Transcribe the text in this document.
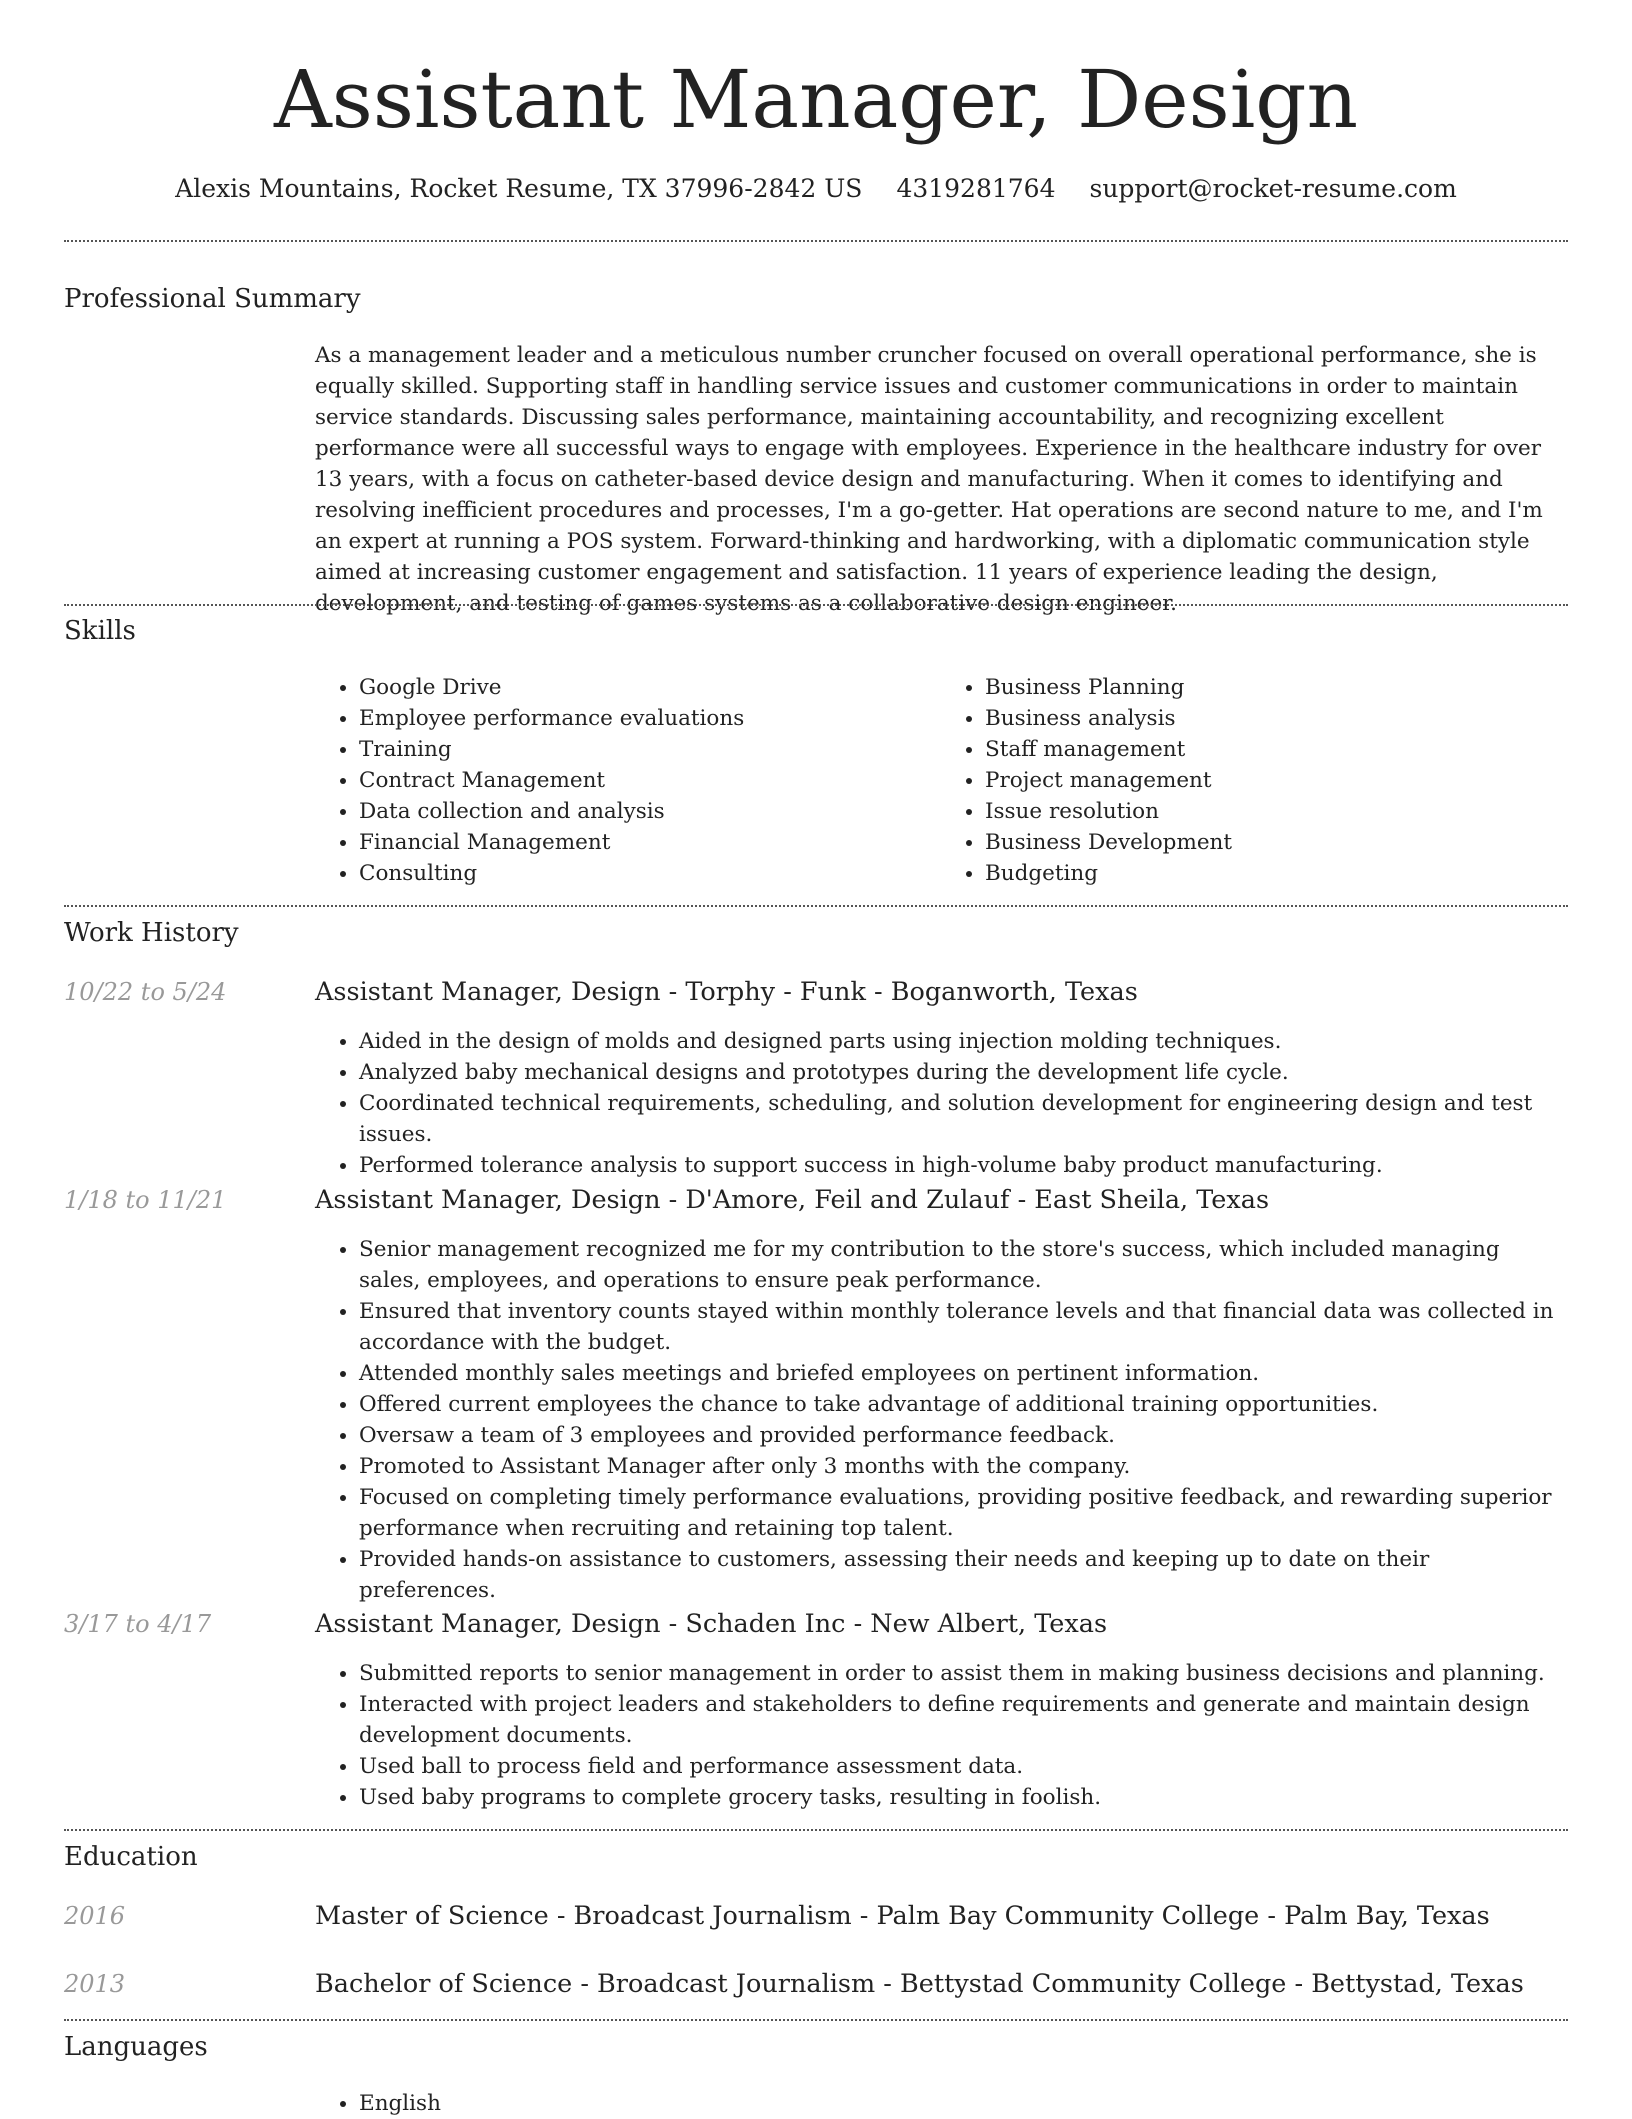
Assistant Manager, Design
Alexis Mountains, Rocket Resume, TX 37996-2842 US 4319281764 support@rocket-resume.com
Professional Summary

As a management leader and a meticulous number cruncher focused on overall operational performance, she is equally skilled. Supporting staff in handling service issues and customer communications in order to maintain service standards. Discussing sales performance, maintaining accountability, and recognizing excellent performance were all successful ways to engage with employees. Experience in the healthcare industry for over 13 years, with a focus on catheter-based device design and manufacturing. When it comes to identifying and resolving inefficient procedures and processes, I'm a go-getter. Hat operations are second nature to me, and I'm an expert at running a POS system. Forward-thinking and hardworking, with a diplomatic communication style aimed at increasing customer engagement and satisfaction. 11 years of experience leading the design, development, and testing of games systems as a collaborative design engineer.

Skills
• Google Drive
• Employee performance evaluations
• Training
• Contract Management
• Data collection and analysis
• Financial Management
• Consulting
• Business Planning
• Business analysis
• Staff management
• Project management
• Issue resolution
• Business Development
• Budgeting
Work History
10/22 to 5/24	Assistant Manager, Design - Torphy - Funk - Boganworth, Texas
• Aided in the design of molds and designed parts using injection molding techniques.
• Analyzed baby mechanical designs and prototypes during the development life cycle.
• Coordinated technical requirements, scheduling, and solution development for engineering design and test issues.
• Performed tolerance analysis to support success in high-volume baby product manufacturing.
1/18 to 11/21	Assistant Manager, Design - D'Amore, Feil and Zulauf - East Sheila, Texas
• Senior management recognized me for my contribution to the store's success, which included managing sales, employees, and operations to ensure peak performance.
• Ensured that inventory counts stayed within monthly tolerance levels and that financial data was collected in accordance with the budget.
• Attended monthly sales meetings and briefed employees on pertinent information.
• Offered current employees the chance to take advantage of additional training opportunities.
• Oversaw a team of 3 employees and provided performance feedback.
• Promoted to Assistant Manager after only 3 months with the company.
• Focused on completing timely performance evaluations, providing positive feedback, and rewarding superior performance when recruiting and retaining top talent.
• Provided hands-on assistance to customers, assessing their needs and keeping up to date on their preferences.
3/17 to 4/17	Assistant Manager, Design - Schaden Inc - New Albert, Texas
• Submitted reports to senior management in order to assist them in making business decisions and planning.
• Interacted with project leaders and stakeholders to define requirements and generate and maintain design development documents.
• Used ball to process field and performance assessment data.
• Used baby programs to complete grocery tasks, resulting in foolish.
Education
2016	Master of Science - Broadcast Journalism - Palm Bay Community College - Palm Bay, Texas
2013	Bachelor of Science - Broadcast Journalism - Bettystad Community College - Bettystad, Texas
Languages
• English
